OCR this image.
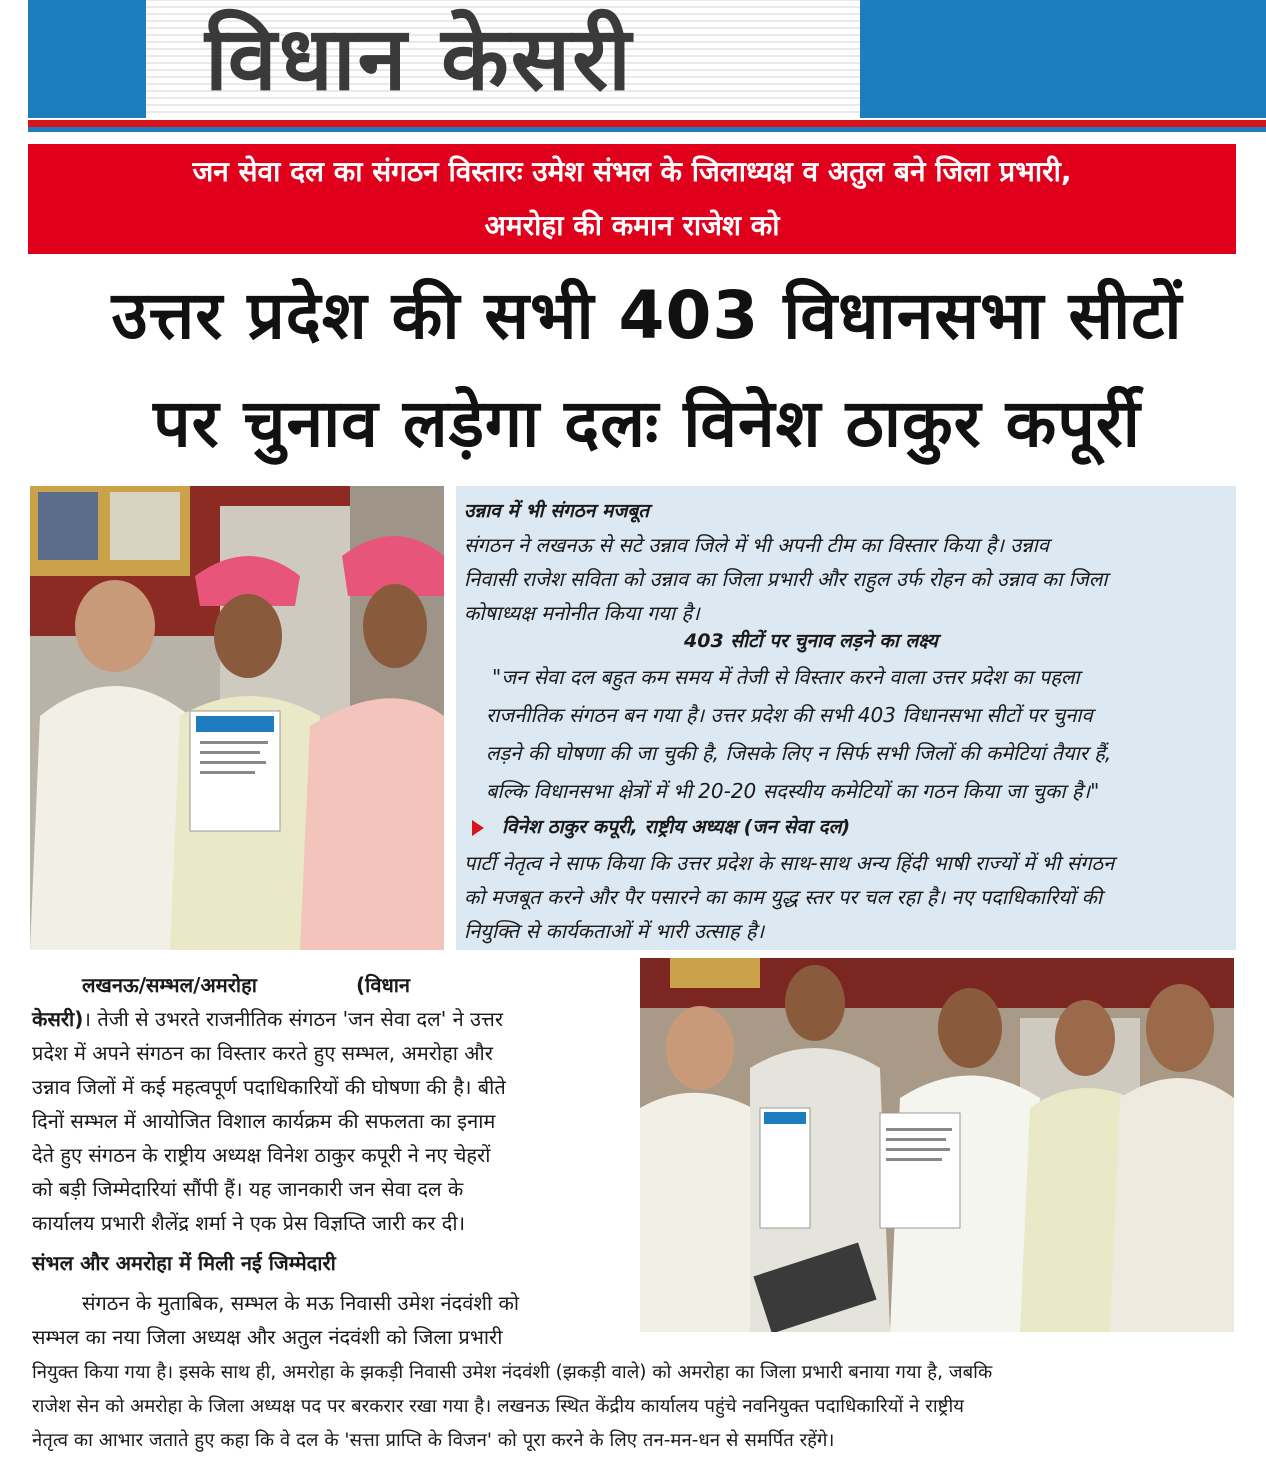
विधान केसरी
जन सेवा दल का संगठन विस्तारः उमेश संभल के जिलाध्यक्ष व अतुल बने जिला प्रभारी,
अमरोहा की कमान राजेश को
उत्तर प्रदेश की सभी 403 विधानसभा सीटों
पर चुनाव लड़ेगा दलः विनेश ठाकुर कपूर्री
उन्नाव में भी संगठन मजबूत
संगठन ने लखनऊ से सटे उन्नाव जिले में भी अपनी टीम का विस्तार किया है। उन्नाव
निवासी राजेश सविता को उन्नाव का जिला प्रभारी और राहुल उर्फ रोहन को उन्नाव का जिला
कोषाध्यक्ष मनोनीत किया गया है।
403 सीटों पर चुनाव लड़ने का लक्ष्य
"जन सेवा दल बहुत कम समय में तेजी से विस्तार करने वाला उत्तर प्रदेश का पहला
राजनीतिक संगठन बन गया है। उत्तर प्रदेश की सभी 403 विधानसभा सीटों पर चुनाव
लड़ने की घोषणा की जा चुकी है, जिसके लिए न सिर्फ सभी जिलों की कमेटियां तैयार हैं,
बल्कि विधानसभा क्षेत्रों में भी 20-20 सदस्यीय कमेटियों का गठन किया जा चुका है।"
विनेश ठाकुर कपूरी, राष्ट्रीय अध्यक्ष (जन सेवा दल)
पार्टी नेतृत्व ने साफ किया कि उत्तर प्रदेश के साथ-साथ अन्य हिंदी भाषी राज्यों में भी संगठन
को मजबूत करने और पैर पसारने का काम युद्ध स्तर पर चल रहा है। नए पदाधिकारियों की
नियुक्ति से कार्यकताओं में भारी उत्साह है।
लखनऊ/सम्भल/अमरोहा	(विधान
केसरी)। तेजी से उभरते राजनीतिक संगठन 'जन सेवा दल' ने उत्तर
प्रदेश में अपने संगठन का विस्तार करते हुए सम्भल, अमरोहा और
उन्नाव जिलों में कई महत्वपूर्ण पदाधिकारियों की घोषणा की है। बीते
दिनों सम्भल में आयोजित विशाल कार्यक्रम की सफलता का इनाम
देते हुए संगठन के राष्ट्रीय अध्यक्ष विनेश ठाकुर कपूरी ने नए चेहरों
को बड़ी जिम्मेदारियां सौंपी हैं। यह जानकारी जन सेवा दल के
कार्यालय प्रभारी शैलेंद्र शर्मा ने एक प्रेस विज्ञप्ति जारी कर दी।
संभल और अमरोहा में मिली नई जिम्मेदारी
संगठन के मुताबिक, सम्भल के मऊ निवासी उमेश नंदवंशी को
सम्भल का नया जिला अध्यक्ष और अतुल नंदवंशी को जिला प्रभारी
नियुक्त किया गया है। इसके साथ ही, अमरोहा के झकड़ी निवासी उमेश नंदवंशी (झकड़ी वाले) को अमरोहा का जिला प्रभारी बनाया गया है, जबकि
राजेश सेन को अमरोहा के जिला अध्यक्ष पद पर बरकरार रखा गया है। लखनऊ स्थित केंद्रीय कार्यालय पहुंचे नवनियुक्त पदाधिकारियों ने राष्ट्रीय
नेतृत्व का आभार जताते हुए कहा कि वे दल के 'सत्ता प्राप्ति के विजन' को पूरा करने के लिए तन-मन-धन से समर्पित रहेंगे।
